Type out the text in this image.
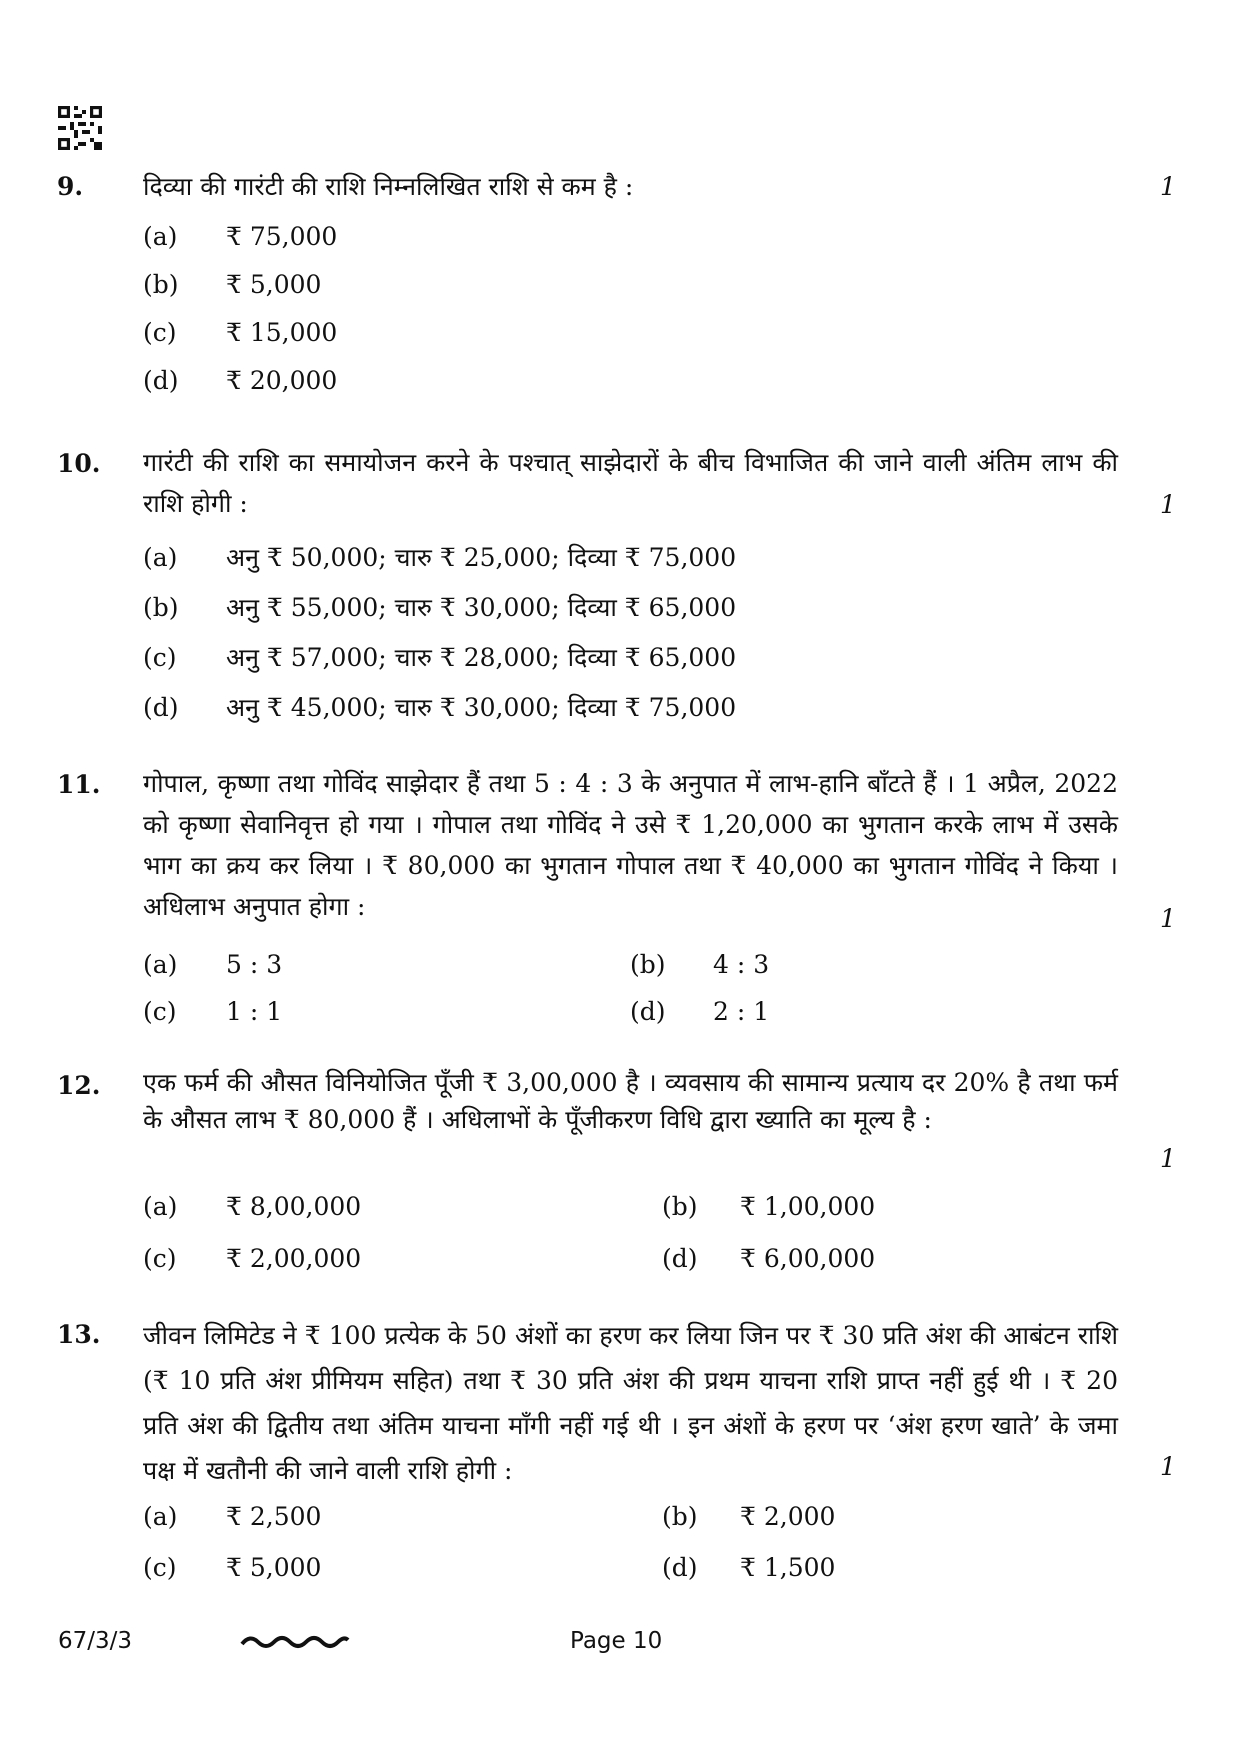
9. दिव्या की गारंटी की राशि निम्नलिखित राशि से कम है :	1
(a) ₹ 75,000
(b) ₹ 5,000
(c) ₹ 15,000
(d) ₹ 20,000
10. गारंटी की राशि का समायोजन करने के पश्चात् साझेदारों के बीच विभाजित की जाने वाली अंतिम लाभ की राशि होगी :	1
(a) अनु ₹ 50,000; चारु ₹ 25,000; दिव्या ₹ 75,000
(b) अनु ₹ 55,000; चारु ₹ 30,000; दिव्या ₹ 65,000
(c) अनु ₹ 57,000; चारु ₹ 28,000; दिव्या ₹ 65,000
(d) अनु ₹ 45,000; चारु ₹ 30,000; दिव्या ₹ 75,000
11. गोपाल, कृष्णा तथा गोविंद साझेदार हैं तथा 5 : 4 : 3 के अनुपात में लाभ-हानि बाँटते हैं । 1 अप्रैल, 2022 को कृष्णा सेवानिवृत्त हो गया । गोपाल तथा गोविंद ने उसे ₹ 1,20,000 का भुगतान करके लाभ में उसके भाग का क्रय कर लिया । ₹ 80,000 का भुगतान गोपाल तथा ₹ 40,000 का भुगतान गोविंद ने किया । अधिलाभ अनुपात होगा :	1
(a) 5 : 3	(b) 4 : 3
(c) 1 : 1	(d) 2 : 1
12. एक फर्म की औसत विनियोजित पूँजी ₹ 3,00,000 है । व्यवसाय की सामान्य प्रत्याय दर 20% है तथा फर्म के औसत लाभ ₹ 80,000 हैं । अधिलाभों के पूँजीकरण विधि द्वारा ख्याति का मूल्य है :
1
(a) ₹ 8,00,000	(b) ₹ 1,00,000
(c) ₹ 2,00,000	(d) ₹ 6,00,000
13. जीवन लिमिटेड ने ₹ 100 प्रत्येक के 50 अंशों का हरण कर लिया जिन पर ₹ 30 प्रति अंश की आबंटन राशि (₹ 10 प्रति अंश प्रीमियम सहित) तथा ₹ 30 प्रति अंश की प्रथम याचना राशि प्राप्त नहीं हुई थी । ₹ 20 प्रति अंश की द्वितीय तथा अंतिम याचना माँगी नहीं गई थी । इन अंशों के हरण पर ‘अंश हरण खाते’ के जमा पक्ष में खतौनी की जाने वाली राशि होगी :	1
(a) ₹ 2,500	(b) ₹ 2,000
(c) ₹ 5,000	(d) ₹ 1,500
67/3/3	Page 10
